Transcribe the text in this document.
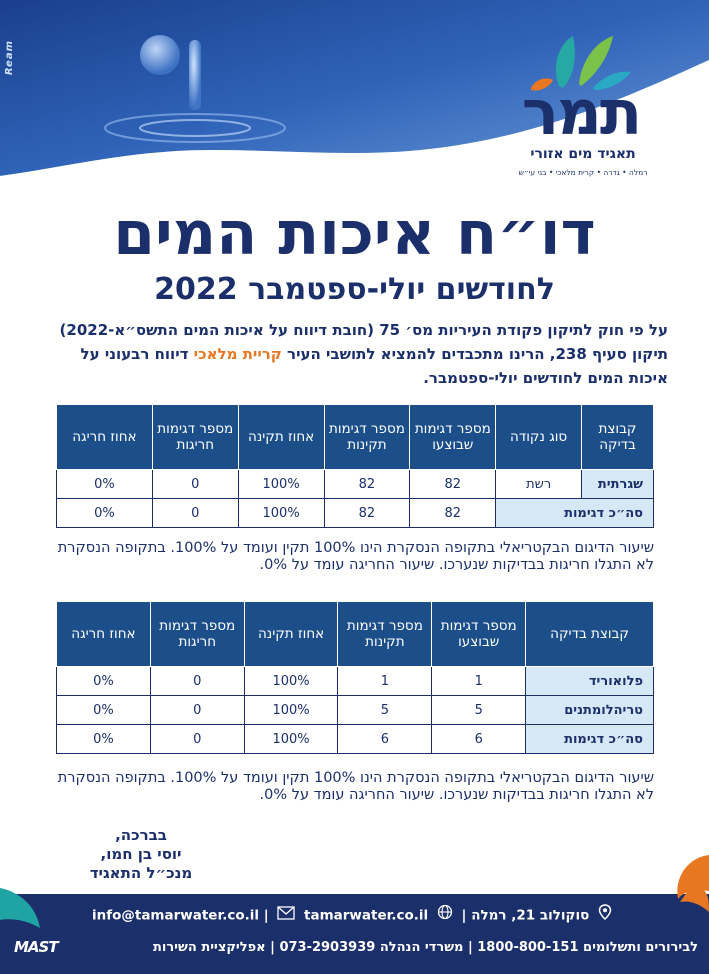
Ream
תמר
תאגיד מים אזורי
רמלה • גדרה • קרית מלאכי • בני עי״ש
דו״ח איכות המים
לחודשים יולי-ספטמבר 2022
על פי חוק לתיקון פקודת העיריות מס׳ 75 (חובת דיווח על איכות המים התשס״א-2022) תיקון סעיף 238, הרינו מתכבדים להמציא לתושבי העיר קריית מלאכי דיווח רבעוני על איכות המים לחודשים יולי-ספטמבר.
קבוצת בדיקה	סוג נקודה	מספר דגימות שבוצעו	מספר דגימות תקינות	אחוז תקינה	מספר דגימות חריגות	אחוז חריגה
שגרתית	רשת	82	82	100%	0	0%
סה״כ דגימות		82	82	100%	0	0%
שיעור הדיגום הבקטריאלי בתקופה הנסקרת הינו 100% תקין ועומד על 100%. בתקופה הנסקרת לא התגלו חריגות בבדיקות שנערכו. שיעור החריגה עומד על 0%.
קבוצת בדיקה	מספר דגימות שבוצעו	מספר דגימות תקינות	אחוז תקינה	מספר דגימות חריגות	אחוז חריגה
פלואוריד	1	1	100%	0	0%
טריהלומתנים	5	5	100%	0	0%
סה״כ דגימות	6	6	100%	0	0%
שיעור הדיגום הבקטריאלי בתקופה הנסקרת הינו 100% תקין ועומד על 100%. בתקופה הנסקרת לא התגלו חריגות בבדיקות שנערכו. שיעור החריגה עומד על 0%.
בברכה,
יוסי בן חמו,
מנכ״ל התאגיד
סוקולוב 21, רמלה |  info@tamarwater.co.il |  tamarwater.co.il
לבירורים ותשלומים 1800-800-151 | משרדי הנהלה 073-2903939 | אפליקציית השירות
MAST
